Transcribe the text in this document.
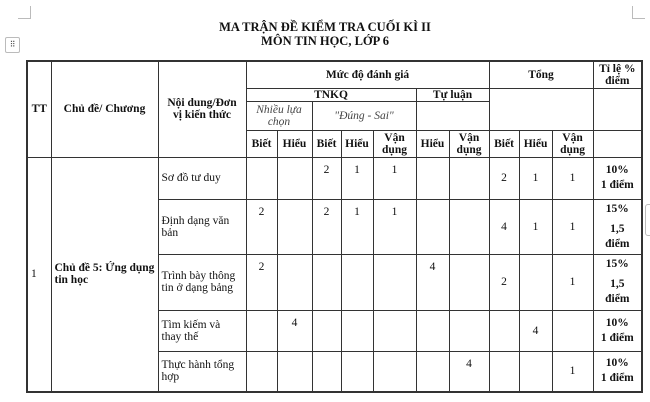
⠿
MA TRẬN ĐỀ KIỂM TRA CUỐI KÌ II
MÔN TIN HỌC, LỚP 6
TT	Chủ đề/ Chương	Nội dung/Đơn vị kiến thức	Mức độ đánh giá							Tổng			Tỉ lệ % điểm
			TNKQ					Tự luận					
			Nhiều lựa chọn		"Đúng - Sai"								
			Biết	Hiểu	Biết	Hiểu	Vận dụng	Hiểu	Vận dụng	Biết	Hiểu	Vận dụng	
1	Chủ đề 5: Ứng dụng tin học	Sơ đồ tư duy			2	1	1			2	1	1	10%
1 điểm

		Định dạng văn bản	2		2	1	1			4	1	1	15%
1,5 điểm

		Trình bày thông tin ở dạng bảng	2					4		2		1	15%
1,5 điểm

		Tìm kiếm và thay thế		4							4		10%
1 điểm

		Thực hành tổng hợp							4			1	10%
1 điểm
